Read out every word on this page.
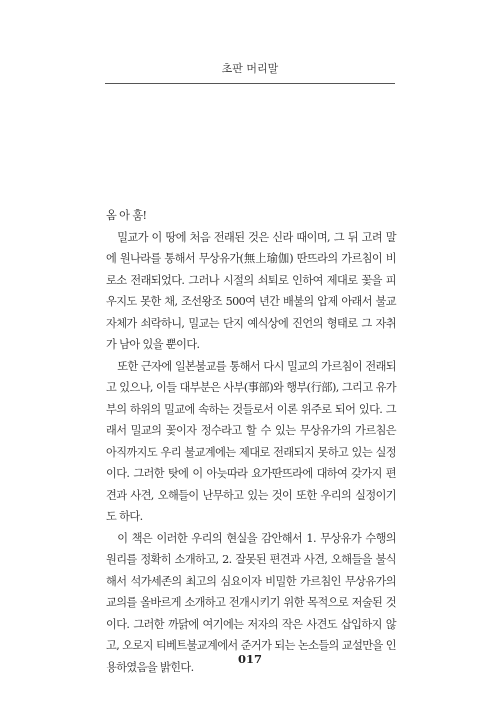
초판 머리말

옴 아 훔!

밀교가 이 땅에 처음 전래된 것은 신라 때이며, 그 뒤 고려 말에 원나라를 통해서 무상유가(無上瑜伽) 딴뜨라의 가르침이 비로소 전래되었다. 그러나 시절의 쇠퇴로 인하여 제대로 꽃을 피우지도 못한 채, 조선왕조 500여 년간 배불의 압제 아래서 불교 자체가 쇠락하니, 밀교는 단지 예식상에 진언의 형태로 그 자취가 남아 있을 뿐이다.

또한 근자에 일본불교를 통해서 다시 밀교의 가르침이 전래되고 있으나, 이들 대부분은 사부(事部)와 행부(行部), 그리고 유가부의 하위의 밀교에 속하는 것들로서 이론 위주로 되어 있다. 그래서 밀교의 꽃이자 정수라고 할 수 있는 무상유가의 가르침은 아직까지도 우리 불교계에는 제대로 전래되지 못하고 있는 실정이다. 그러한 탓에 이 아늣따라 요가딴뜨라에 대하여 갖가지 편견과 사견, 오해들이 난무하고 있는 것이 또한 우리의 실정이기도 하다.

이 책은 이러한 우리의 현실을 감안해서 1. 무상유가 수행의 원리를 정확히 소개하고, 2. 잘못된 편견과 사견, 오해들을 불식해서 석가세존의 최고의 심요이자 비밀한 가르침인 무상유가의 교의를 올바르게 소개하고 전개시키기 위한 목적으로 저술된 것이다. 그러한 까닭에 여기에는 저자의 작은 사견도 삽입하지 않고, 오로지 티베트불교계에서 준거가 되는 논소들의 교설만을 인용하였음을 밝힌다.

017
